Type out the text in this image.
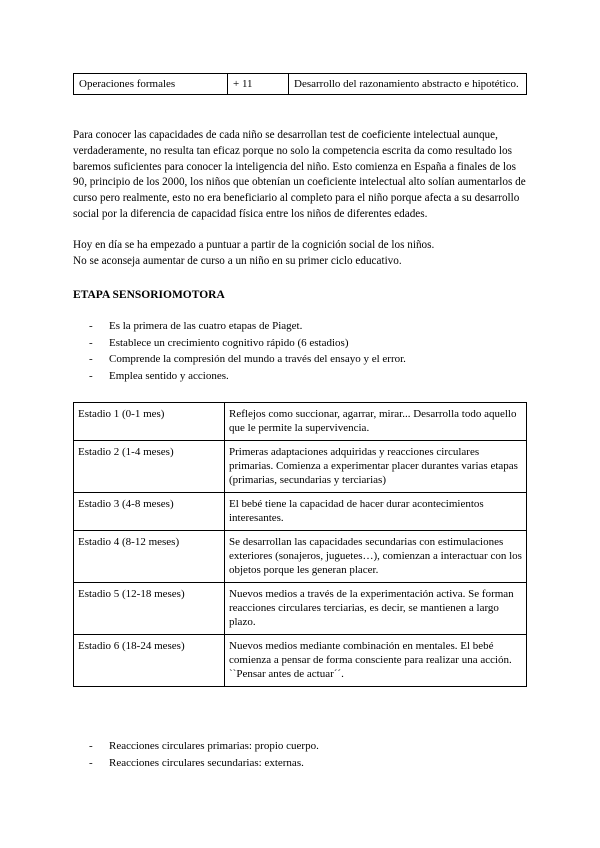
Operaciones formales	+ 11	Desarrollo del razonamiento abstracto e hipotético.
Para conocer las capacidades de cada niño se desarrollan test de coeficiente intelectual aunque, verdaderamente, no resulta tan eficaz porque no solo la competencia escrita da como resultado los baremos suficientes para conocer la inteligencia del niño. Esto comienza en España a finales de los 90, principio de los 2000, los niños que obtenían un coeficiente intelectual alto solían aumentarlos de curso pero realmente, esto no era beneficiario al completo para el niño porque afecta a su desarrollo social por la diferencia de capacidad física entre los niños de diferentes edades.
Hoy en día se ha empezado a puntuar a partir de la cognición social de los niños.
No se aconseja aumentar de curso a un niño en su primer ciclo educativo.
ETAPA SENSORIOMOTORA
- Es la primera de las cuatro etapas de Piaget.
- Establece un crecimiento cognitivo rápido (6 estadios)
- Comprende la compresión del mundo a través del ensayo y el error.
- Emplea sentido y acciones.
Estadio 1 (0-1 mes)	Reflejos como succionar, agarrar, mirar... Desarrolla todo aquello que le permite la supervivencia.
Estadio 2 (1-4 meses)	Primeras adaptaciones adquiridas y reacciones circulares primarias. Comienza a experimentar placer durantes varias etapas (primarias, secundarias y terciarias)
Estadio 3 (4-8 meses)	El bebé tiene la capacidad de hacer durar acontecimientos interesantes.
Estadio 4 (8-12 meses)	Se desarrollan las capacidades secundarias con estimulaciones exteriores (sonajeros, juguetes…), comienzan a interactuar con los objetos porque les generan placer.
Estadio 5 (12-18 meses)	Nuevos medios a través de la experimentación activa. Se forman reacciones circulares terciarias, es decir, se mantienen a largo plazo.
Estadio 6 (18-24 meses)	Nuevos medios mediante combinación en mentales. El bebé comienza a pensar de forma consciente para realizar una acción. ``Pensar antes de actuar´´.
- Reacciones circulares primarias: propio cuerpo.
- Reacciones circulares secundarias: externas.
